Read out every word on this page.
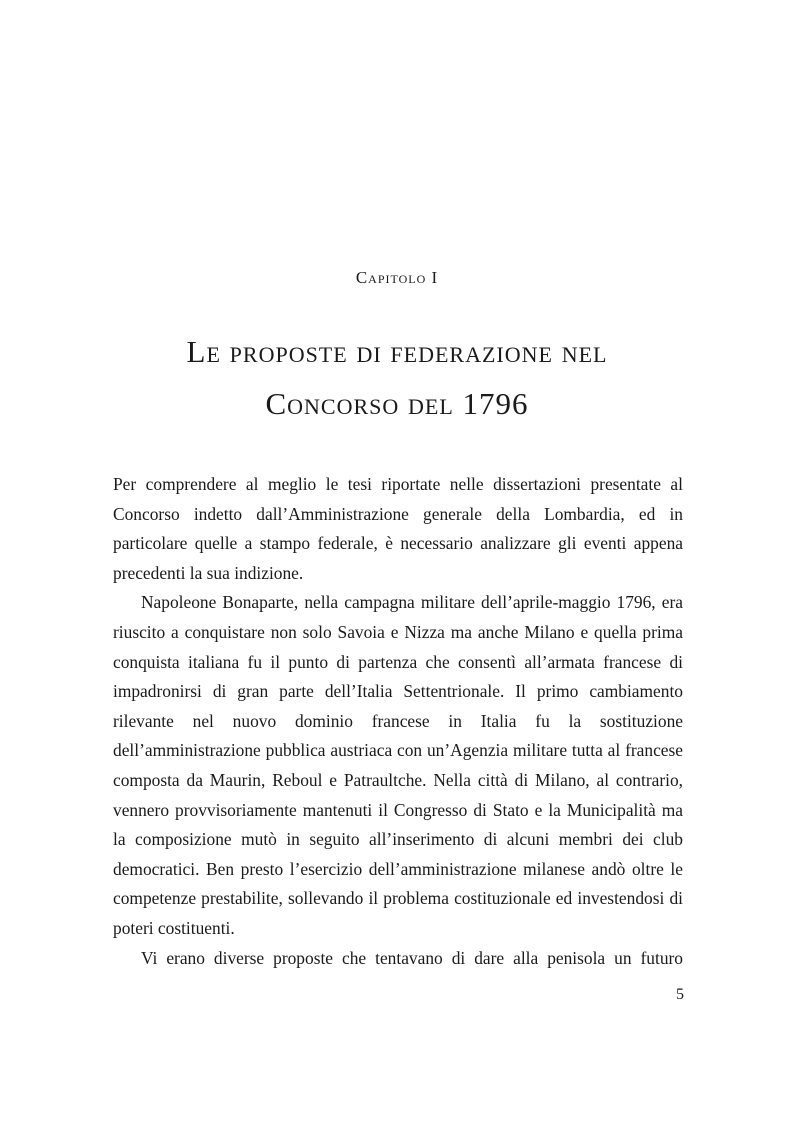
Capitolo I
Le proposte di federazione nel
Concorso del 1796

Per comprendere al meglio le tesi riportate nelle dissertazioni presentate al Concorso indetto dall’Amministrazione generale della Lombardia, ed in particolare quelle a stampo federale, è necessario analizzare gli eventi appena precedenti la sua indizione.

Napoleone Bonaparte, nella campagna militare dell’aprile-maggio 1796, era riuscito a conquistare non solo Savoia e Nizza ma anche Milano e quella prima conquista italiana fu il punto di partenza che consentì all’armata francese di impadronirsi di gran parte dell’Italia Settentrionale. Il primo cambiamento rilevante nel nuovo dominio francese in Italia fu la sostituzione dell’amministrazione pubblica austriaca con un’Agenzia militare tutta al francese composta da Maurin, Reboul e Patraultche. Nella città di Milano, al contrario, vennero provvisoriamente mantenuti il Congresso di Stato e la Municipalità ma la composizione mutò in seguito all’inserimento di alcuni membri dei club democratici. Ben presto l’esercizio dell’amministrazione milanese andò oltre le competenze prestabilite, sollevando il problema costituzionale ed investendosi di poteri costituenti.

Vi erano diverse proposte che tentavano di dare alla penisola un futuro

5
